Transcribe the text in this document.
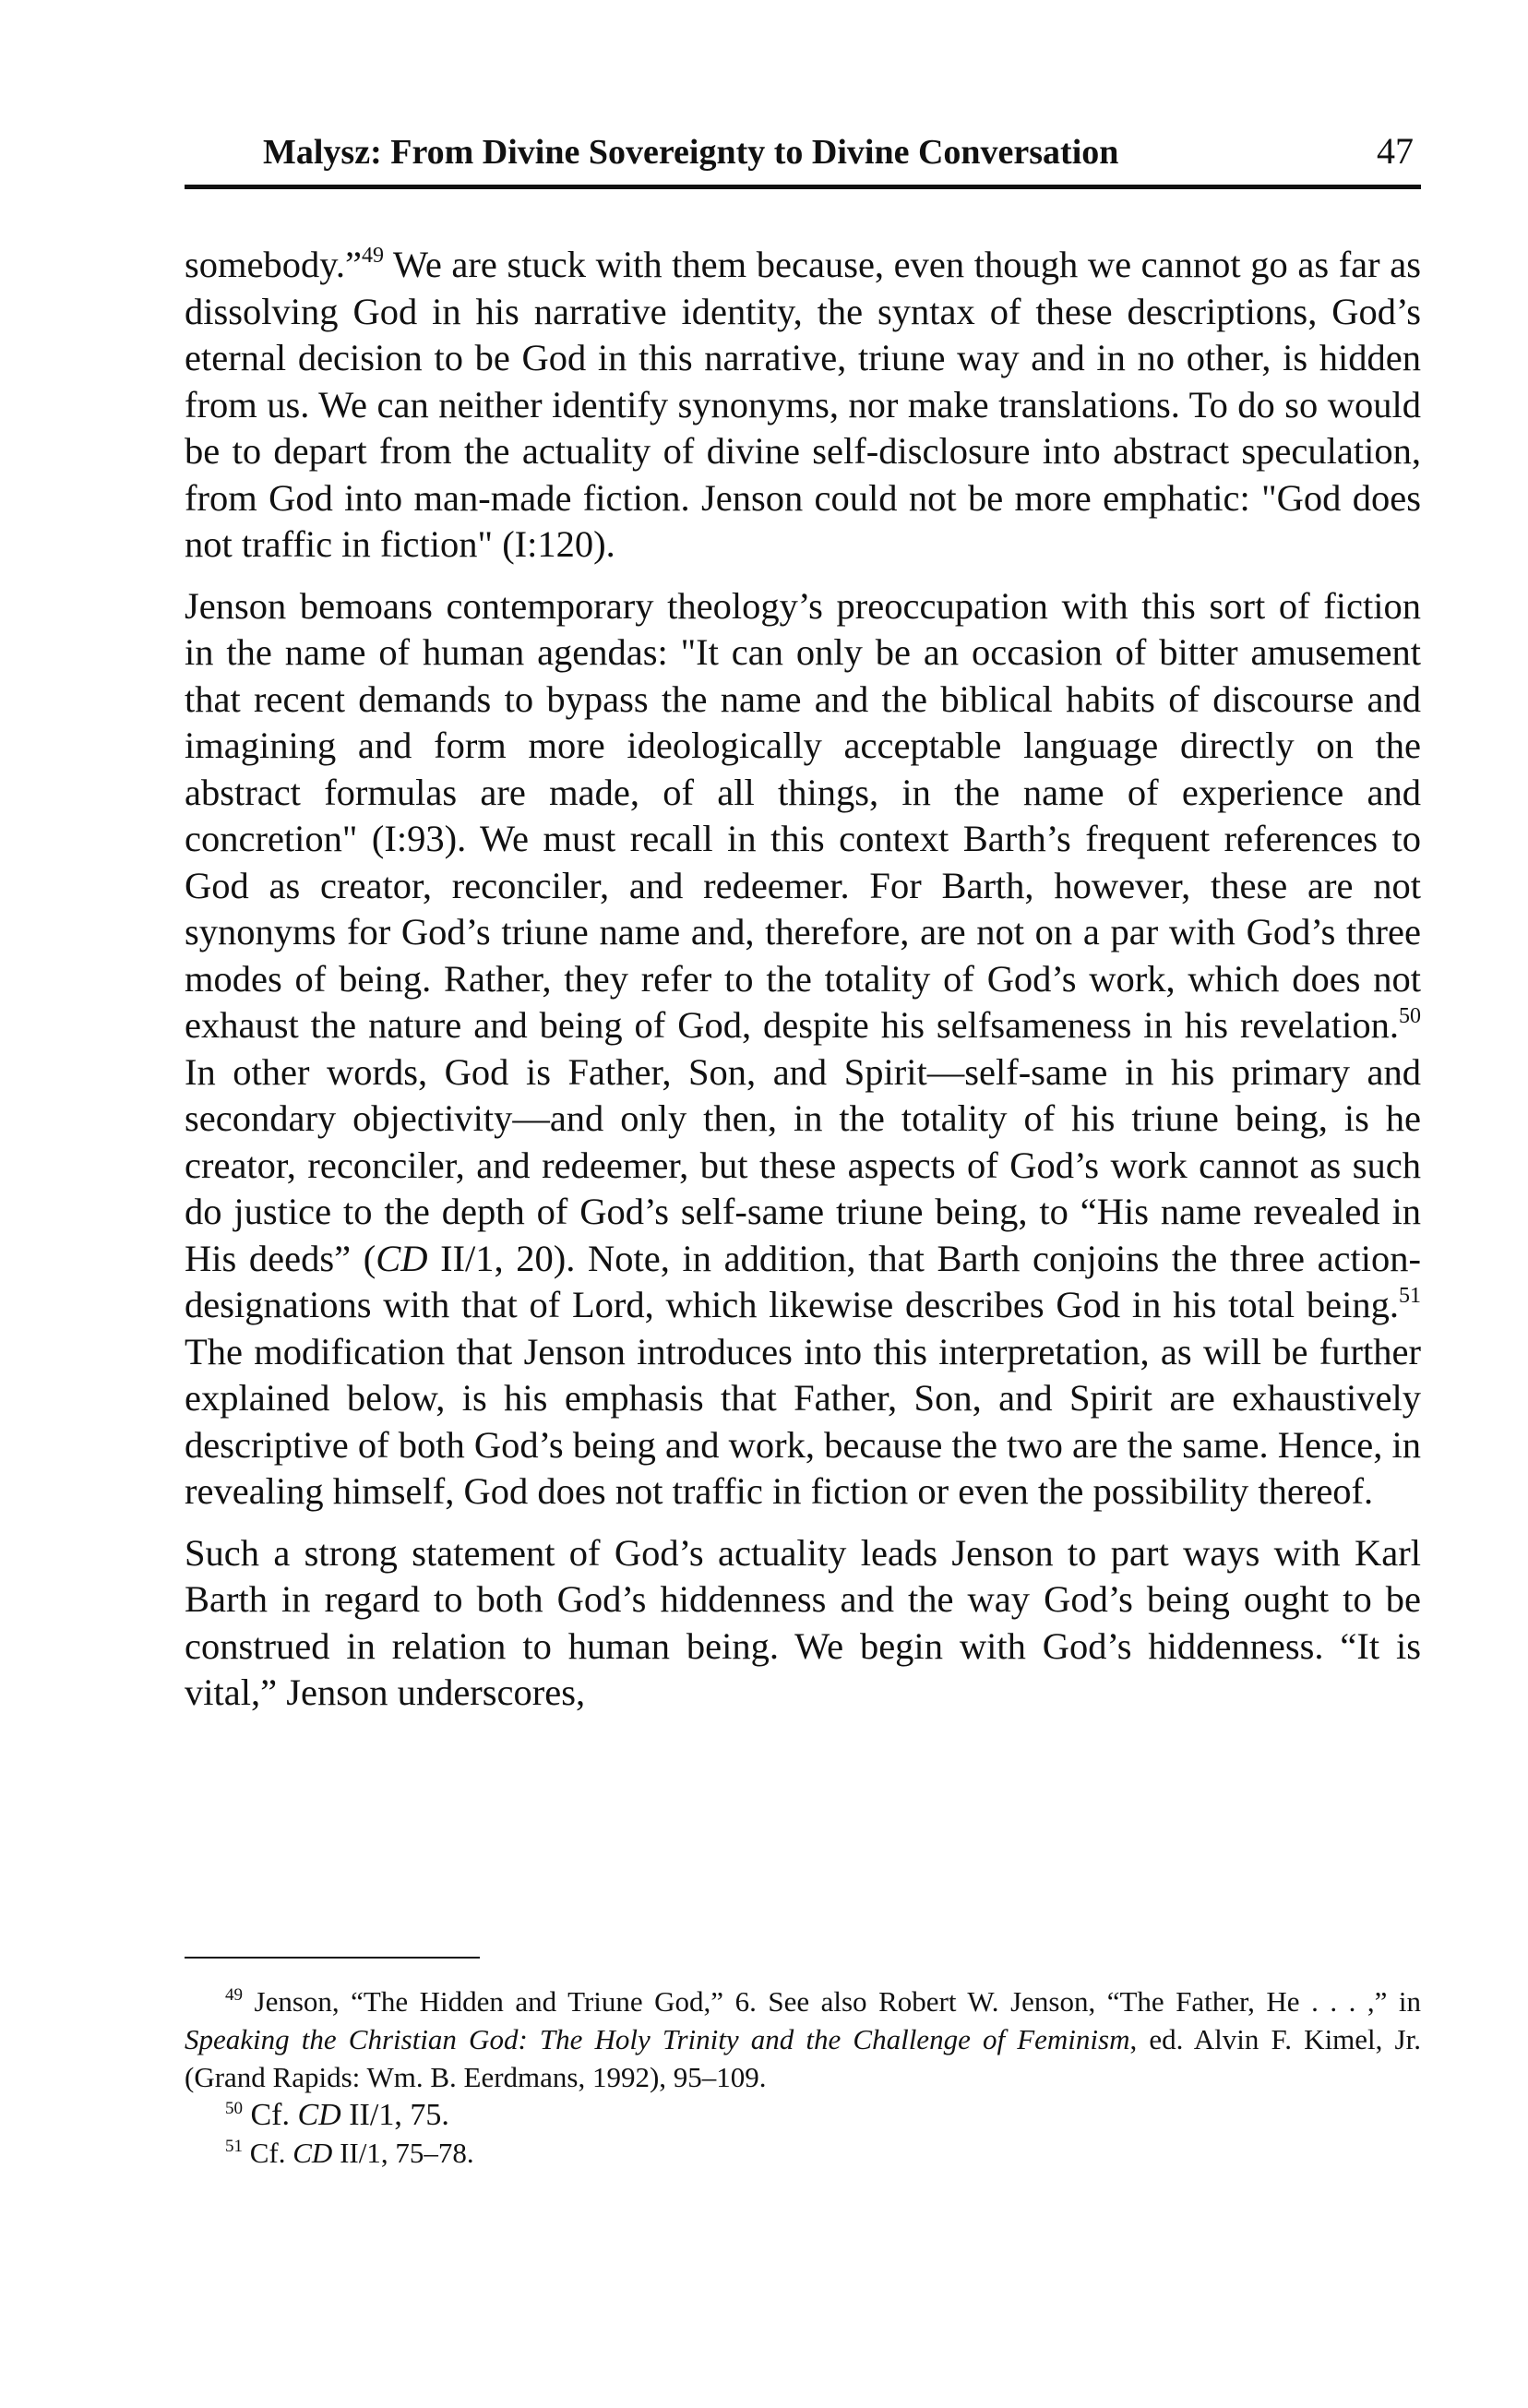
Malysz: From Divine Sovereignty to Divine Conversation	47

somebody.”$^{49}$ We are stuck with them because, even though we cannot go as far as dissolving God in his narrative identity, the syntax of these descriptions, God’s eternal decision to be God in this narrative, triune way and in no other, is hidden from us. We can neither identify synonyms, nor make translations. To do so would be to depart from the actuality of divine self-disclosure into abstract speculation, from God into man-made fiction. Jenson could not be more emphatic: "God does not traffic in fiction" (I:120).

Jenson bemoans contemporary theology’s preoccupation with this sort of fiction in the name of human agendas: "It can only be an occasion of bitter amusement that recent demands to bypass the name and the biblical habits of discourse and imagining and form more ideologically acceptable language directly on the abstract formulas are made, of all things, in the name of experience and concretion" (I:93). We must recall in this context Barth’s frequent references to God as creator, reconciler, and redeemer. For Barth, however, these are not synonyms for God’s triune name and, therefore, are not on a par with God’s three modes of being. Rather, they refer to the totality of God’s work, which does not exhaust the nature and being of God, despite his selfsameness in his revelation.$^{50}$ In other words, God is Father, Son, and Spirit—self-same in his primary and secondary objectivity—and only then, in the totality of his triune being, is he creator, reconciler, and redeemer, but these aspects of God’s work cannot as such do justice to the depth of God’s self-same triune being, to “His name revealed in His deeds” (CD II/1, 20). Note, in addition, that Barth conjoins the three action-designations with that of Lord, which likewise describes God in his total being.$^{51}$ The modification that Jenson introduces into this interpretation, as will be further explained below, is his emphasis that Father, Son, and Spirit are exhaustively descriptive of both God’s being and work, because the two are the same. Hence, in revealing himself, God does not traffic in fiction or even the possibility thereof.

Such a strong statement of God’s actuality leads Jenson to part ways with Karl Barth in regard to both God’s hiddenness and the way God’s being ought to be construed in relation to human being. We begin with God’s hiddenness. “It is vital,” Jenson underscores,

$^{49}$ Jenson, “The Hidden and Triune God,” 6. See also Robert W. Jenson, “The Father, He . . . ,” in Speaking the Christian God: The Holy Trinity and the Challenge of Feminism, ed. Alvin F. Kimel, Jr. (Grand Rapids: Wm. B. Eerdmans, 1992), 95–109.

$^{50}$ Cf. CD II/1, 75.

$^{51}$ Cf. CD II/1, 75–78.
